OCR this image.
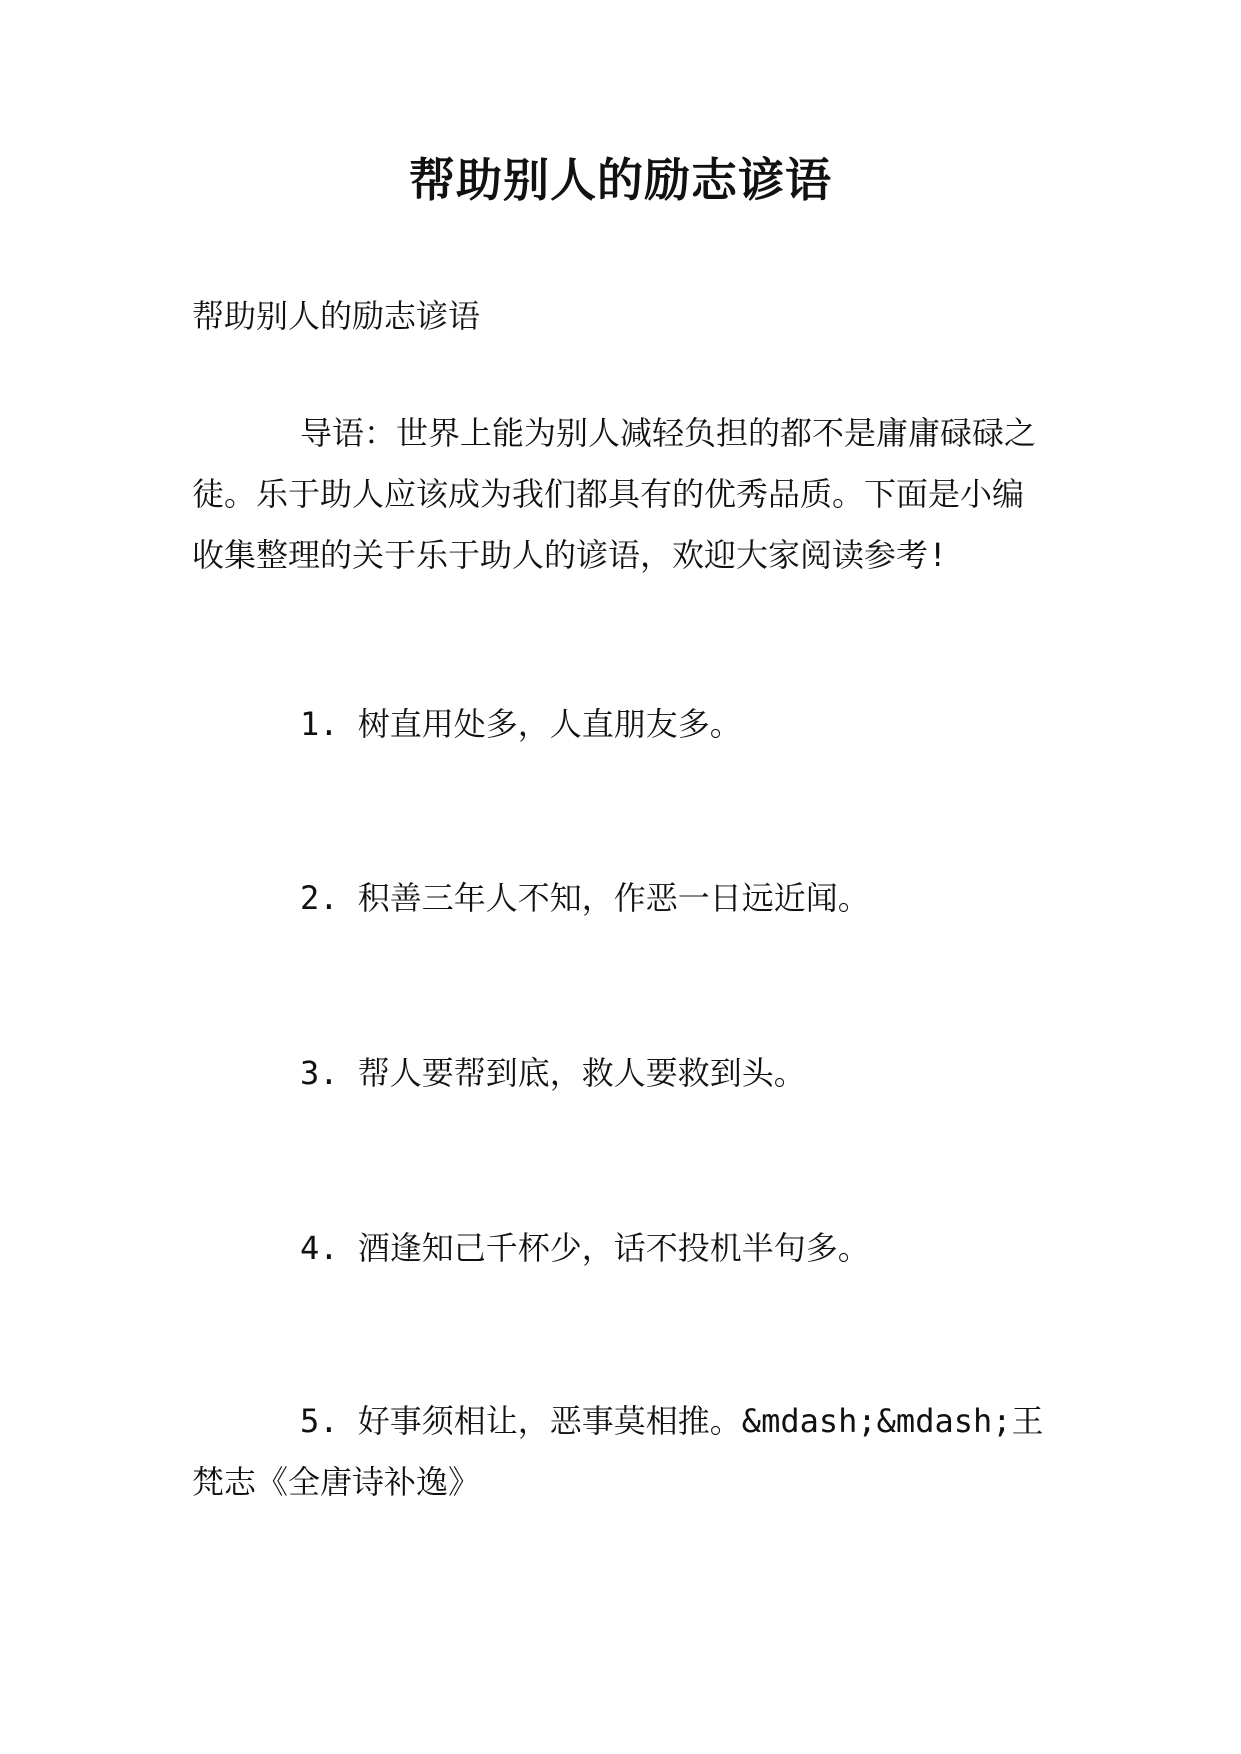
帮助别人的励志谚语

帮助别人的励志谚语

导语：世界上能为别人减轻负担的都不是庸庸碌碌之徒。乐于助人应该成为我们都具有的优秀品质。下面是小编收集整理的关于乐于助人的谚语，欢迎大家阅读参考!

1. 树直用处多，人直朋友多。

2. 积善三年人不知，作恶一日远近闻。

3. 帮人要帮到底，救人要救到头。

4. 酒逢知己千杯少，话不投机半句多。

5. 好事须相让，恶事莫相推。&mdash;&mdash;王梵志《全唐诗补逸》
